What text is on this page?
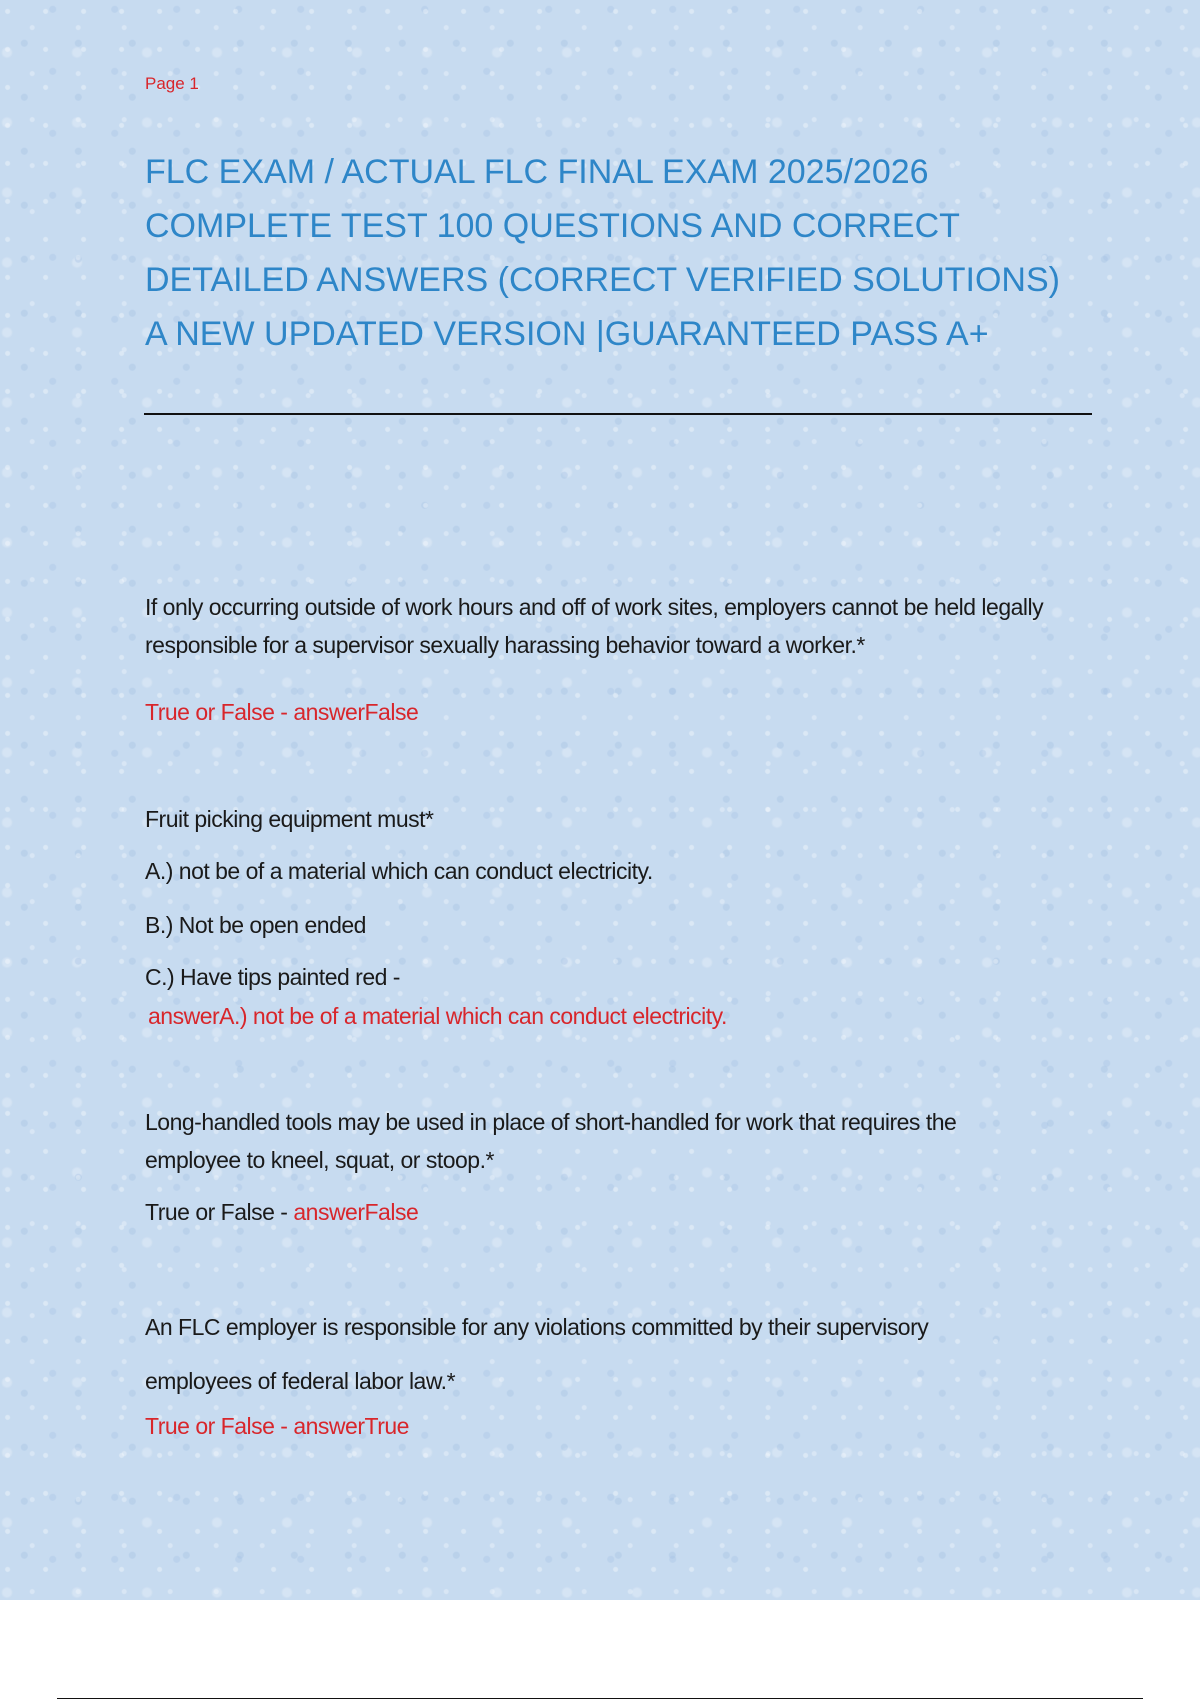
Page 1
FLC EXAM / ACTUAL FLC FINAL EXAM 2025/2026 COMPLETE TEST 100 QUESTIONS AND CORRECT DETAILED ANSWERS (CORRECT VERIFIED SOLUTIONS) A NEW UPDATED VERSION |GUARANTEED PASS A+
If only occurring outside of work hours and off of work sites, employers cannot be held legally responsible for a supervisor sexually harassing behavior toward a worker.*
True or False - answerFalse
Fruit picking equipment must*
A.) not be of a material which can conduct electricity.
B.) Not be open ended
C.) Have tips painted red -
answerA.) not be of a material which can conduct electricity.
Long-handled tools may be used in place of short-handled for work that requires the employee to kneel, squat, or stoop.*
True or False - answerFalse
An FLC employer is responsible for any violations committed by their supervisory employees of federal labor law.*
True or False - answerTrue
